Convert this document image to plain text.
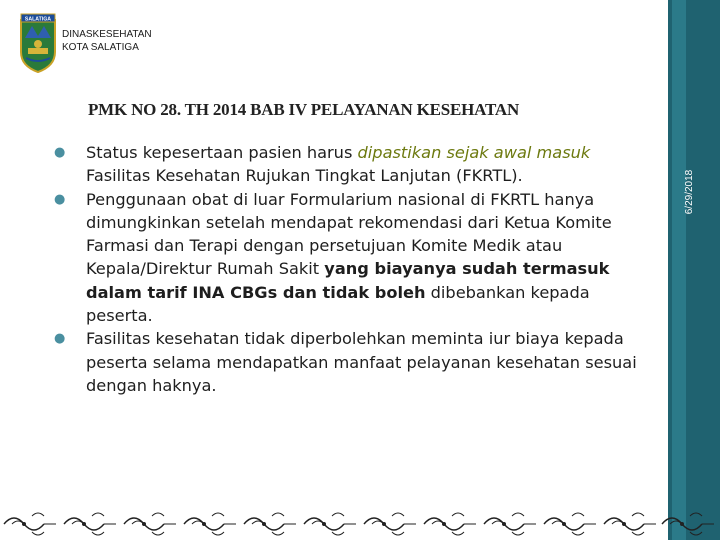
6/29/2018
SALATIGA
DINASKESEHATAN
KOTA SALATIGA
PMK NO 28. TH 2014 BAB IV PELAYANAN KESEHATAN
● Status kepesertaan pasien harus dipastikan sejak awal masuk Fasilitas Kesehatan Rujukan Tingkat Lanjutan (FKRTL).
● Penggunaan obat di luar Formularium nasional di FKRTL hanya dimungkinkan setelah mendapat rekomendasi dari Ketua Komite Farmasi dan Terapi dengan persetujuan Komite Medik atau Kepala/Direktur Rumah Sakit yang biayanya sudah termasuk dalam tarif INA CBGs dan tidak boleh dibebankan kepada peserta.
● Fasilitas kesehatan tidak diperbolehkan meminta iur biaya kepada peserta selama mendapatkan manfaat pelayanan kesehatan sesuai dengan haknya.
